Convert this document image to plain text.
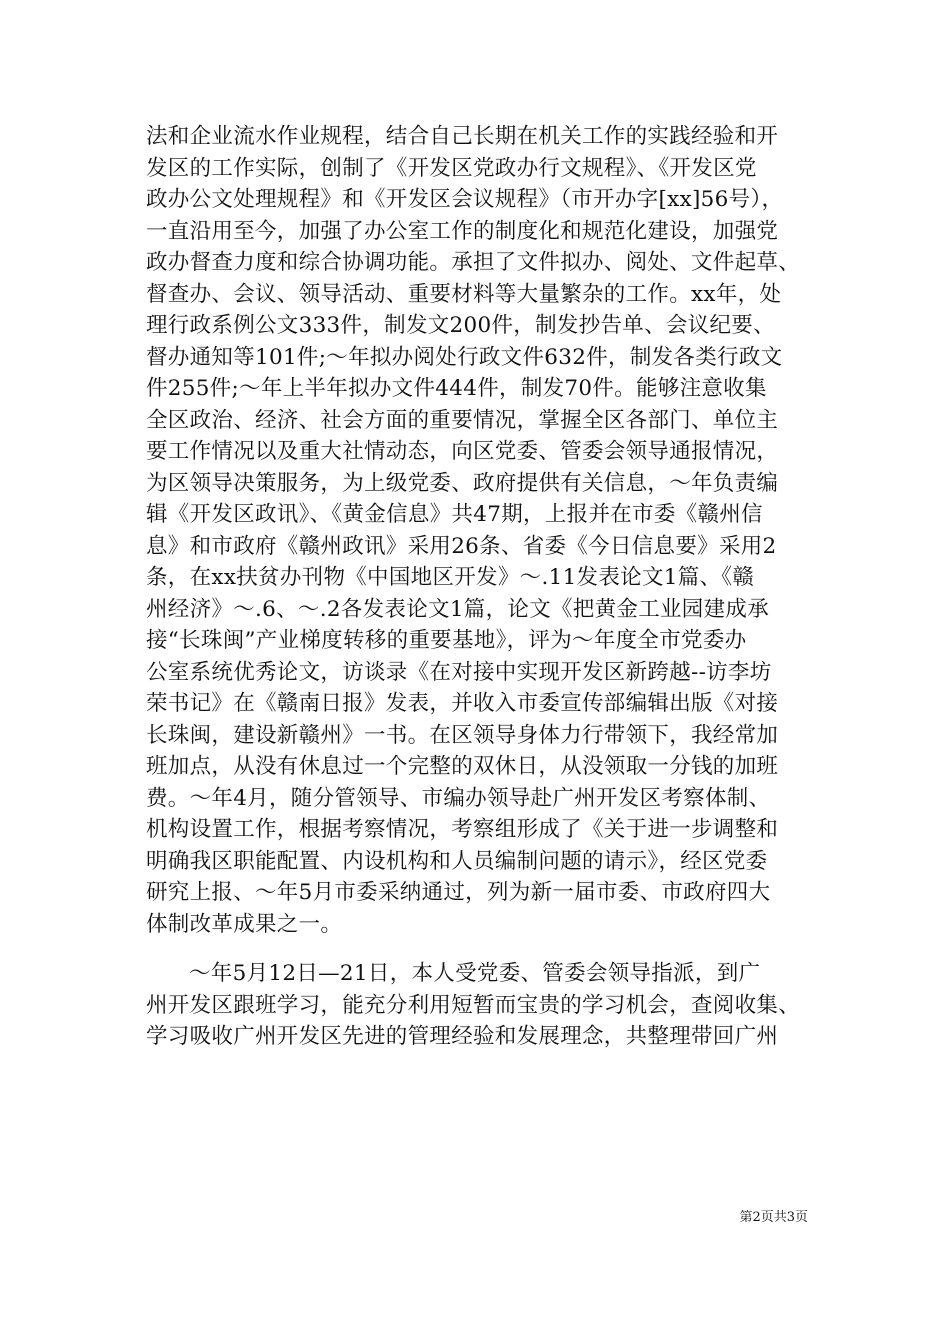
法和企业流水作业规程，结合自己长期在机关工作的实践经验和开
发区的工作实际，创制了《开发区党政办行文规程》、《开发区党
政办公文处理规程》和《开发区会议规程》（市开办字[xx]56号），
一直沿用至今，加强了办公室工作的制度化和规范化建设，加强党
政办督查力度和综合协调功能。承担了文件拟办、阅处、文件起草、
督查办、会议、领导活动、重要材料等大量繁杂的工作。xx年，处
理行政系例公文333件，制发文200件，制发抄告单、会议纪要、
督办通知等101件;～年拟办阅处行政文件632件，制发各类行政文
件255件;～年上半年拟办文件444件，制发70件。能够注意收集
全区政治、经济、社会方面的重要情况，掌握全区各部门、单位主
要工作情况以及重大社情动态，向区党委、管委会领导通报情况，
为区领导决策服务，为上级党委、政府提供有关信息，～年负责编
辑《开发区政讯》、《黄金信息》共47期，上报并在市委《赣州信
息》和市政府《赣州政讯》采用26条、省委《今日信息要》采用2
条，在xx扶贫办刊物《中国地区开发》～.11发表论文1篇、《赣
州经济》～.6、～.2各发表论文1篇，论文《把黄金工业园建成承
接“长珠闽”产业梯度转移的重要基地》，评为～年度全市党委办
公室系统优秀论文，访谈录《在对接中实现开发区新跨越--访李坊
荣书记》在《赣南日报》发表，并收入市委宣传部编辑出版《对接
长珠闽，建设新赣州》一书。在区领导身体力行带领下，我经常加
班加点，从没有休息过一个完整的双休日，从没领取一分钱的加班
费。～年4月，随分管领导、市编办领导赴广州开发区考察体制、
机构设置工作，根据考察情况，考察组形成了《关于进一步调整和
明确我区职能配置、内设机构和人员编制问题的请示》，经区党委
研究上报、～年5月市委采纳通过，列为新一届市委、市政府四大
体制改革成果之一。
～年5月12日—21日，本人受党委、管委会领导指派，到广
州开发区跟班学习，能充分利用短暂而宝贵的学习机会，查阅收集、
学习吸收广州开发区先进的管理经验和发展理念，共整理带回广州
第2页共3页
